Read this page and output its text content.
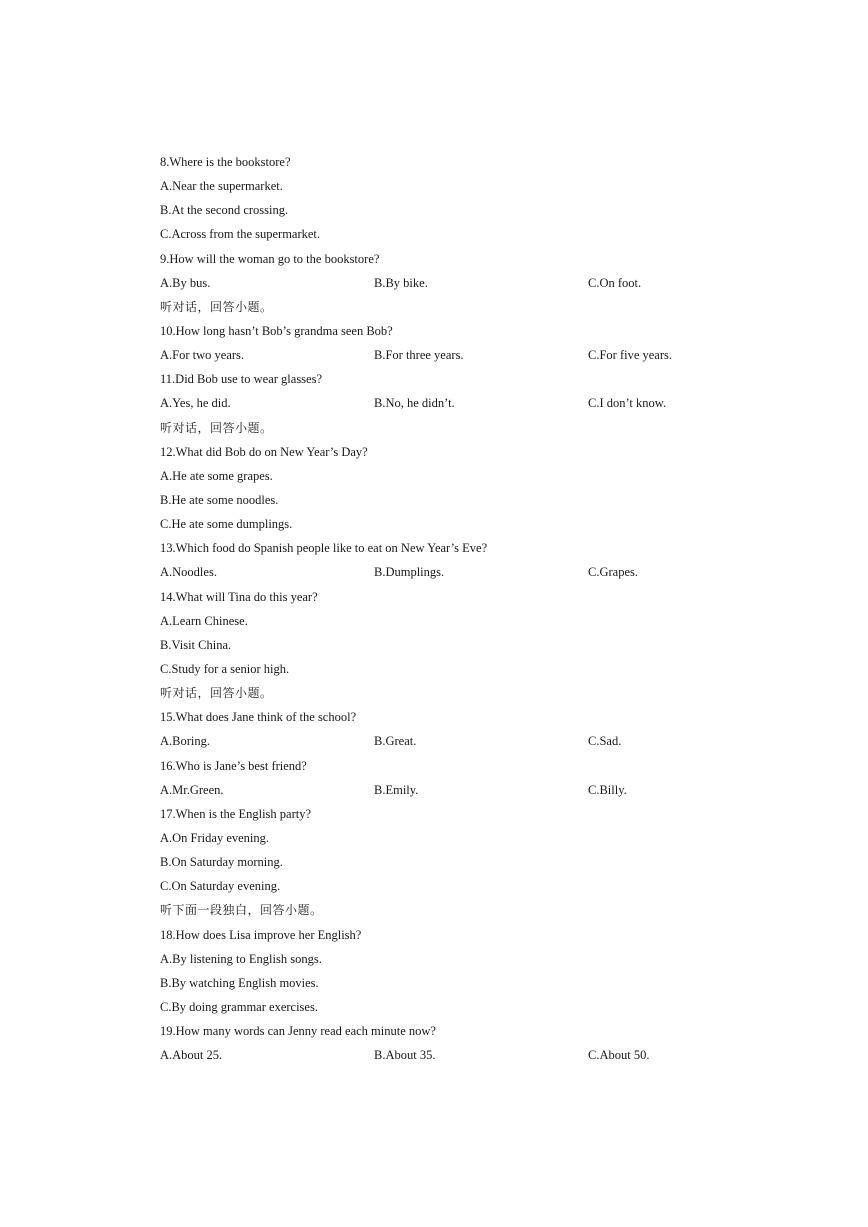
8.Where is the bookstore?
A.Near the supermarket.
B.At the second crossing.
C.Across from the supermarket.
9.How will the woman go to the bookstore?
A.By bus.	B.By bike.	C.On foot.
听对话，回答小题。
10.How long hasn’t Bob’s grandma seen Bob?
A.For two years.	B.For three years.	C.For five years.
11.Did Bob use to wear glasses?
A.Yes, he did.	B.No, he didn’t.	C.I don’t know.
听对话，回答小题。
12.What did Bob do on New Year’s Day?
A.He ate some grapes.
B.He ate some noodles.
C.He ate some dumplings.
13.Which food do Spanish people like to eat on New Year’s Eve?
A.Noodles.	B.Dumplings.	C.Grapes.
14.What will Tina do this year?
A.Learn Chinese.
B.Visit China.
C.Study for a senior high.
听对话，回答小题。
15.What does Jane think of the school?
A.Boring.	B.Great.	C.Sad.
16.Who is Jane’s best friend?
A.Mr.Green.	B.Emily.	C.Billy.
17.When is the English party?
A.On Friday evening.
B.On Saturday morning.
C.On Saturday evening.
听下面一段独白，回答小题。
18.How does Lisa improve her English?
A.By listening to English songs.
B.By watching English movies.
C.By doing grammar exercises.
19.How many words can Jenny read each minute now?
A.About 25.	B.About 35.	C.About 50.
